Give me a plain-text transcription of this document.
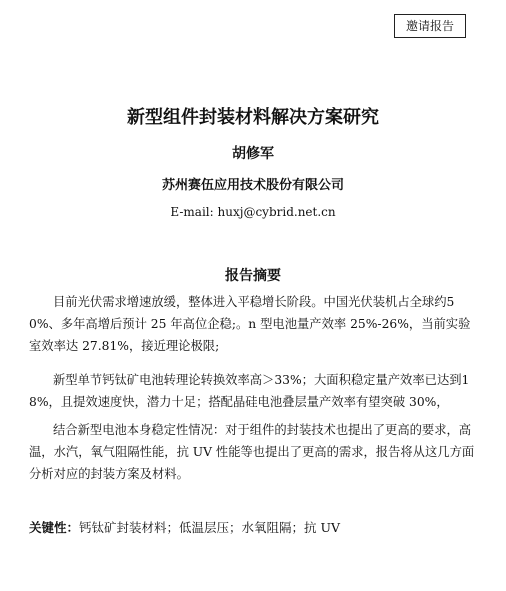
邀请报告
新型组件封装材料解决方案研究
胡修军
苏州赛伍应用技术股份有限公司
E-mail: huxj@cybrid.net.cn
报告摘要

目前光伏需求增速放缓，整体进入平稳增长阶段。中国光伏装机占全球约50%、多年高增后预计 25 年高位企稳;。n 型电池量产效率 25%-26%，当前实验室效率达 27.81%，接近理论极限;

新型单节钙钛矿电池转理论转换效率高＞33%；大面积稳定量产效率已达到18%，且提效速度快，潜力十足；搭配晶硅电池叠层量产效率有望突破 30%，

结合新型电池本身稳定性情况：对于组件的封装技术也提出了更高的要求，高温，水汽，氧气阻隔性能，抗 UV 性能等也提出了更高的需求，报告将从这几方面分析对应的封装方案及材料。

关键性：钙钛矿封装材料；低温层压；水氧阻隔；抗 UV
